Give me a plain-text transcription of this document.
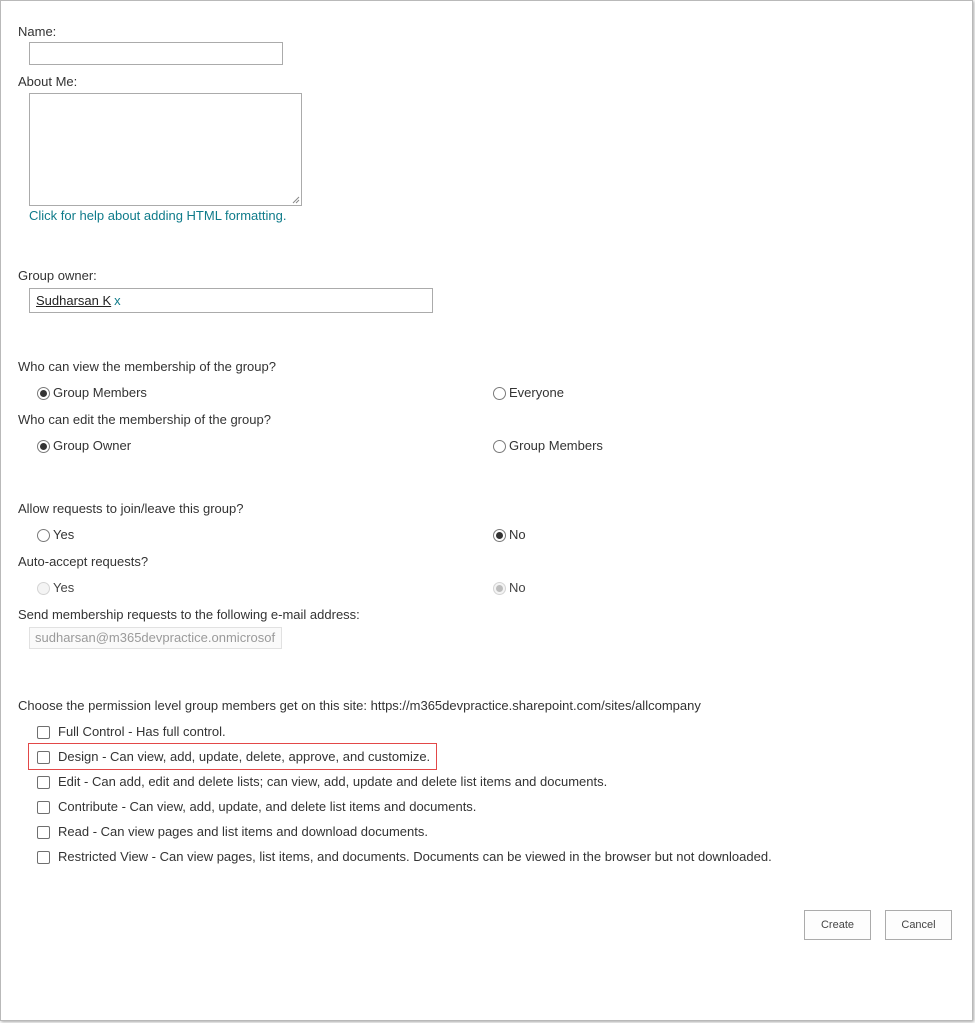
Name:
About Me:
Click for help about adding HTML formatting.
Group owner:
Sudharsan K x
Who can view the membership of the group?
Group Members	Everyone
Who can edit the membership of the group?
Group Owner	Group Members
Allow requests to join/leave this group?
Yes	No
Auto-accept requests?
Yes	No
Send membership requests to the following e-mail address:
sudharsan@m365devpractice.onmicrosof
Choose the permission level group members get on this site: https://m365devpractice.sharepoint.com/sites/allcompany
Full Control - Has full control.
Design - Can view, add, update, delete, approve, and customize.
Edit - Can add, edit and delete lists; can view, add, update and delete list items and documents.
Contribute - Can view, add, update, and delete list items and documents.
Read - Can view pages and list items and download documents.
Restricted View - Can view pages, list items, and documents. Documents can be viewed in the browser but not downloaded.
Create	Cancel
